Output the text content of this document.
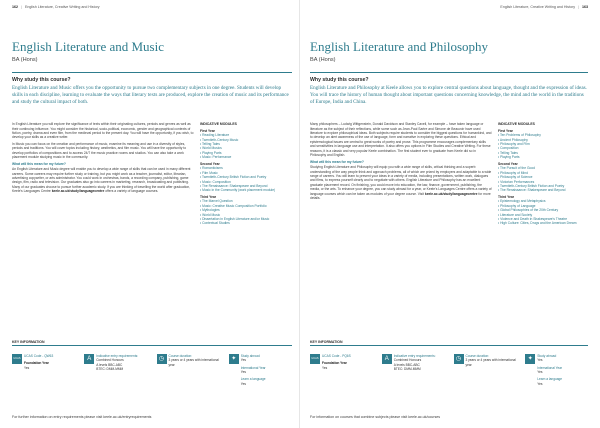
162 | English Literature, Creative Writing and History
English Literature and Music
BA (Hons)
Why study this course?
English Literature and Music offers you the opportunity to pursue two complementary subjects in one degree. Students will develop skills in each discipline, learning to evaluate the ways that literary texts are produced, explore the creation of music and its performance and study the cultural impact of both.

In English Literature you will explore the significance of texts within their originating cultures, periods and genres as well as their continuing influence. You might consider the historical, socio-political, economic, gender and geographical contexts of fiction, poetry, drama and even film, from the medieval period to the present day. You will have the opportunity, if you wish, to develop your skills as a creative writer.

In Music you can focus on the creation and performance of music, examine its meaning and use in a diversity of styles, periods and traditions. You will cover topics including history, aesthetics, and film music. You will have the opportunity to develop portfolios of compositions and to access 24/7 the music practice rooms and studios. You can also take a work placement module studying music in the community.

What will this mean for my future?

An English Literature and Music degree will enable you to develop a wide range of skills that can be used in many different careers. Some careers may require further study or training, but you might work as a teacher, journalist, editor, librarian, advertising copywriter, or arts administrator. You could work in orchestras, bands, a recording company, publishing, game design, film, radio and television. Our graduates also go into careers in marketing, research, broadcasting and publishing. Many of our graduates choose to pursue further academic study. If you are thinking of travelling the world after graduation, Keele's Languages Centre keele.ac.uk/study/languagecentre offers a variety of language courses.

INDICATIVE MODULES
First Year
• Reading Literature
• Twentieth-Century Music
• Telling Tales
• World Musics
• Playing Parts
• Music: Performance
Second Year
• Romanticisms
• Film Music
• Twentieth-Century British Fiction and Poetry
• Music: Composition
• The Renaissance: Shakespeare and Beyond
• Music in the Community (work placement module)
Third Year
• The Marvel Question
• Music: Creative Music Composition Portfolio
• Mythologies
• World Music
• Dissertation in English Literature and/or Music
• Contextual Studies
KEY INFORMATION
UCAS
UCAS Code - QW63
Foundation Year
Yes
A	Indicative entry requirements:
Combined Honours
A levels BBC-ABC
BTEC: DMM-MMM
◷	Course duration:
3 years or 4 years with international year
✦	Study abroad
Yes
International Year
Yes
Learn a language
Yes
For further information on entry requirements please visit keele.ac.uk/entryrequirements
English Literature, Creative Writing and History | 163
English Literature and Philosophy
BA (Hons)
Why study this course?
English Literature and Philosophy at Keele allows you to explore central questions about language, thought and the expression of ideas. You will trace the history of human thought about important questions concerning knowledge, the mind and the world in the traditions of Europe, India and China.

Many philosophers – Ludwig Wittgenstein, Donald Davidson and Stanley Cavell, for example – have taken language or literature as the subject of their reflections, while some such as Jean-Paul Sartre and Simone de Beauvoir have used literature to explore philosophical ideas. Both subjects require students to consider the biggest questions for humankind, and to develop an alert awareness of the use of language, form and narrative in exploring these questions. Ethical and epistemological issues are central to great works of poetry and prose. This programme encourages complementary skills and sensitivities in language use and interpretation. It also offers you options in Film Studies and Creative Writing. For these reasons, it is a classic and very popular Keele combination. The first student ever to graduate from Keele did so in Philosophy and English.

What will this mean for my future?

Studying English Literature and Philosophy will equip you with a wide range of skills, critical thinking and a superb understanding of the way people think and approach problems, all of which are prized by employers and adaptable to a wide range of careers. You will learn to present your ideas in a variety of media, including presentations, written work, dialogues and films, to express yourself clearly and to negotiate with others. English Literature and Philosophy has an excellent graduate placement record. On finishing, you could move into education, the law, finance, government, publishing, the media, or the arts. To enhance your degree, you can study abroad for a year, or Keele's Languages Centre offers a variety of language courses which can be taken as modules of your degree course. Visit keele.ac.uk/study/languagecentre for more details.

INDICATIVE MODULES
First Year
• Ten Problems of Philosophy
• Ancient Philosophy
• Philosophy and Film
• Composition
• Telling Tales
• Playing Parts
Second Year
• The Pursuit of the Good
• Philosophy of Mind
• Philosophy of Science
• Victorian Performances
• Twentieth-Century British Fiction and Poetry
• The Renaissance: Shakespeare and Beyond
Third Year
• Epistemology and Metaphysics
• Philosophy of Language
• Global Philosophies of the 20th Century
• Literature and Society
• Violence and Death in Shakespeare's Theatre
• High Culture: Cities, Drugs and the American Dream
KEY INFORMATION
UCAS
UCAS Code - PQ6S
Foundation Year
Yes
A	Indicative entry requirements:
Combined Honours
A levels BBC-ABC
BTEC: DMM-MMM
◷	Course duration:
3 years or 4 years with international year
✦	Study abroad
Yes
International Year
Yes
Learn a language
Yes
For information on courses that combine subjects please visit keele.ac.uk/courses
